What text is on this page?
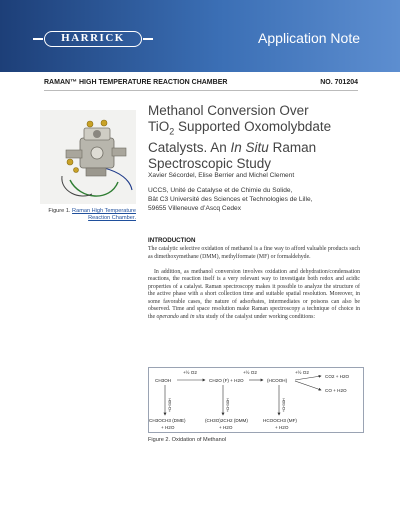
HARRICK	Application Note
RAMAN™ HIGH TEMPERATURE REACTION CHAMBER	NO. 701204
Figure 1. Raman High Temperature Reaction Chamber.
Methanol Conversion Over
TiO$_2$ Supported Oxomolybdate
Catalysts. An In Situ Raman
Spectroscopic Study
Xavier Sécordel, Elise Berrier and Michel Clement
UCCS, Unité de Catalyse et de Chimie du Solide,
Bât C3 Université des Sciences et Technologies de Lille,
59655 Villeneuve d’Ascq Cedex
INTRODUCTION

The catalytic selective oxidation of methanol is a fine way to afford valuable products such as dimethoxymethane (DMM), methylformate (MF) or formaldehyde.

In addition, as methanol conversion involves oxidation and dehydration/condensation reactions, the reaction itself is a very relevant way to investigate both redox and acidic properties of a catalyst. Raman spectroscopy makes it possible to analyze the structure of the active phase with a short collection time and suitable spatial resolution. Moreover, in some favorable cases, the nature of adsorbates, intermediates or poisons can also be observed. Time and space resolution make Raman spectroscopy a technique of choice in the operando and in situ study of the catalyst under working conditions:

CH3OH	CH2O (F) + H2O	(HCOOH)
CO2 + H2O
CO + H2O
+½ O2	+½ O2	+½ O2
CH3OCH3 (DME)	(CH3O)2CH2 (DMM)	HCOOCH3 (MF)
+ H2O	+ H2O	+ H2O
+CH3OH	+CH3OH	+CH3OH
Figure 2. Oxidation of Methanol
